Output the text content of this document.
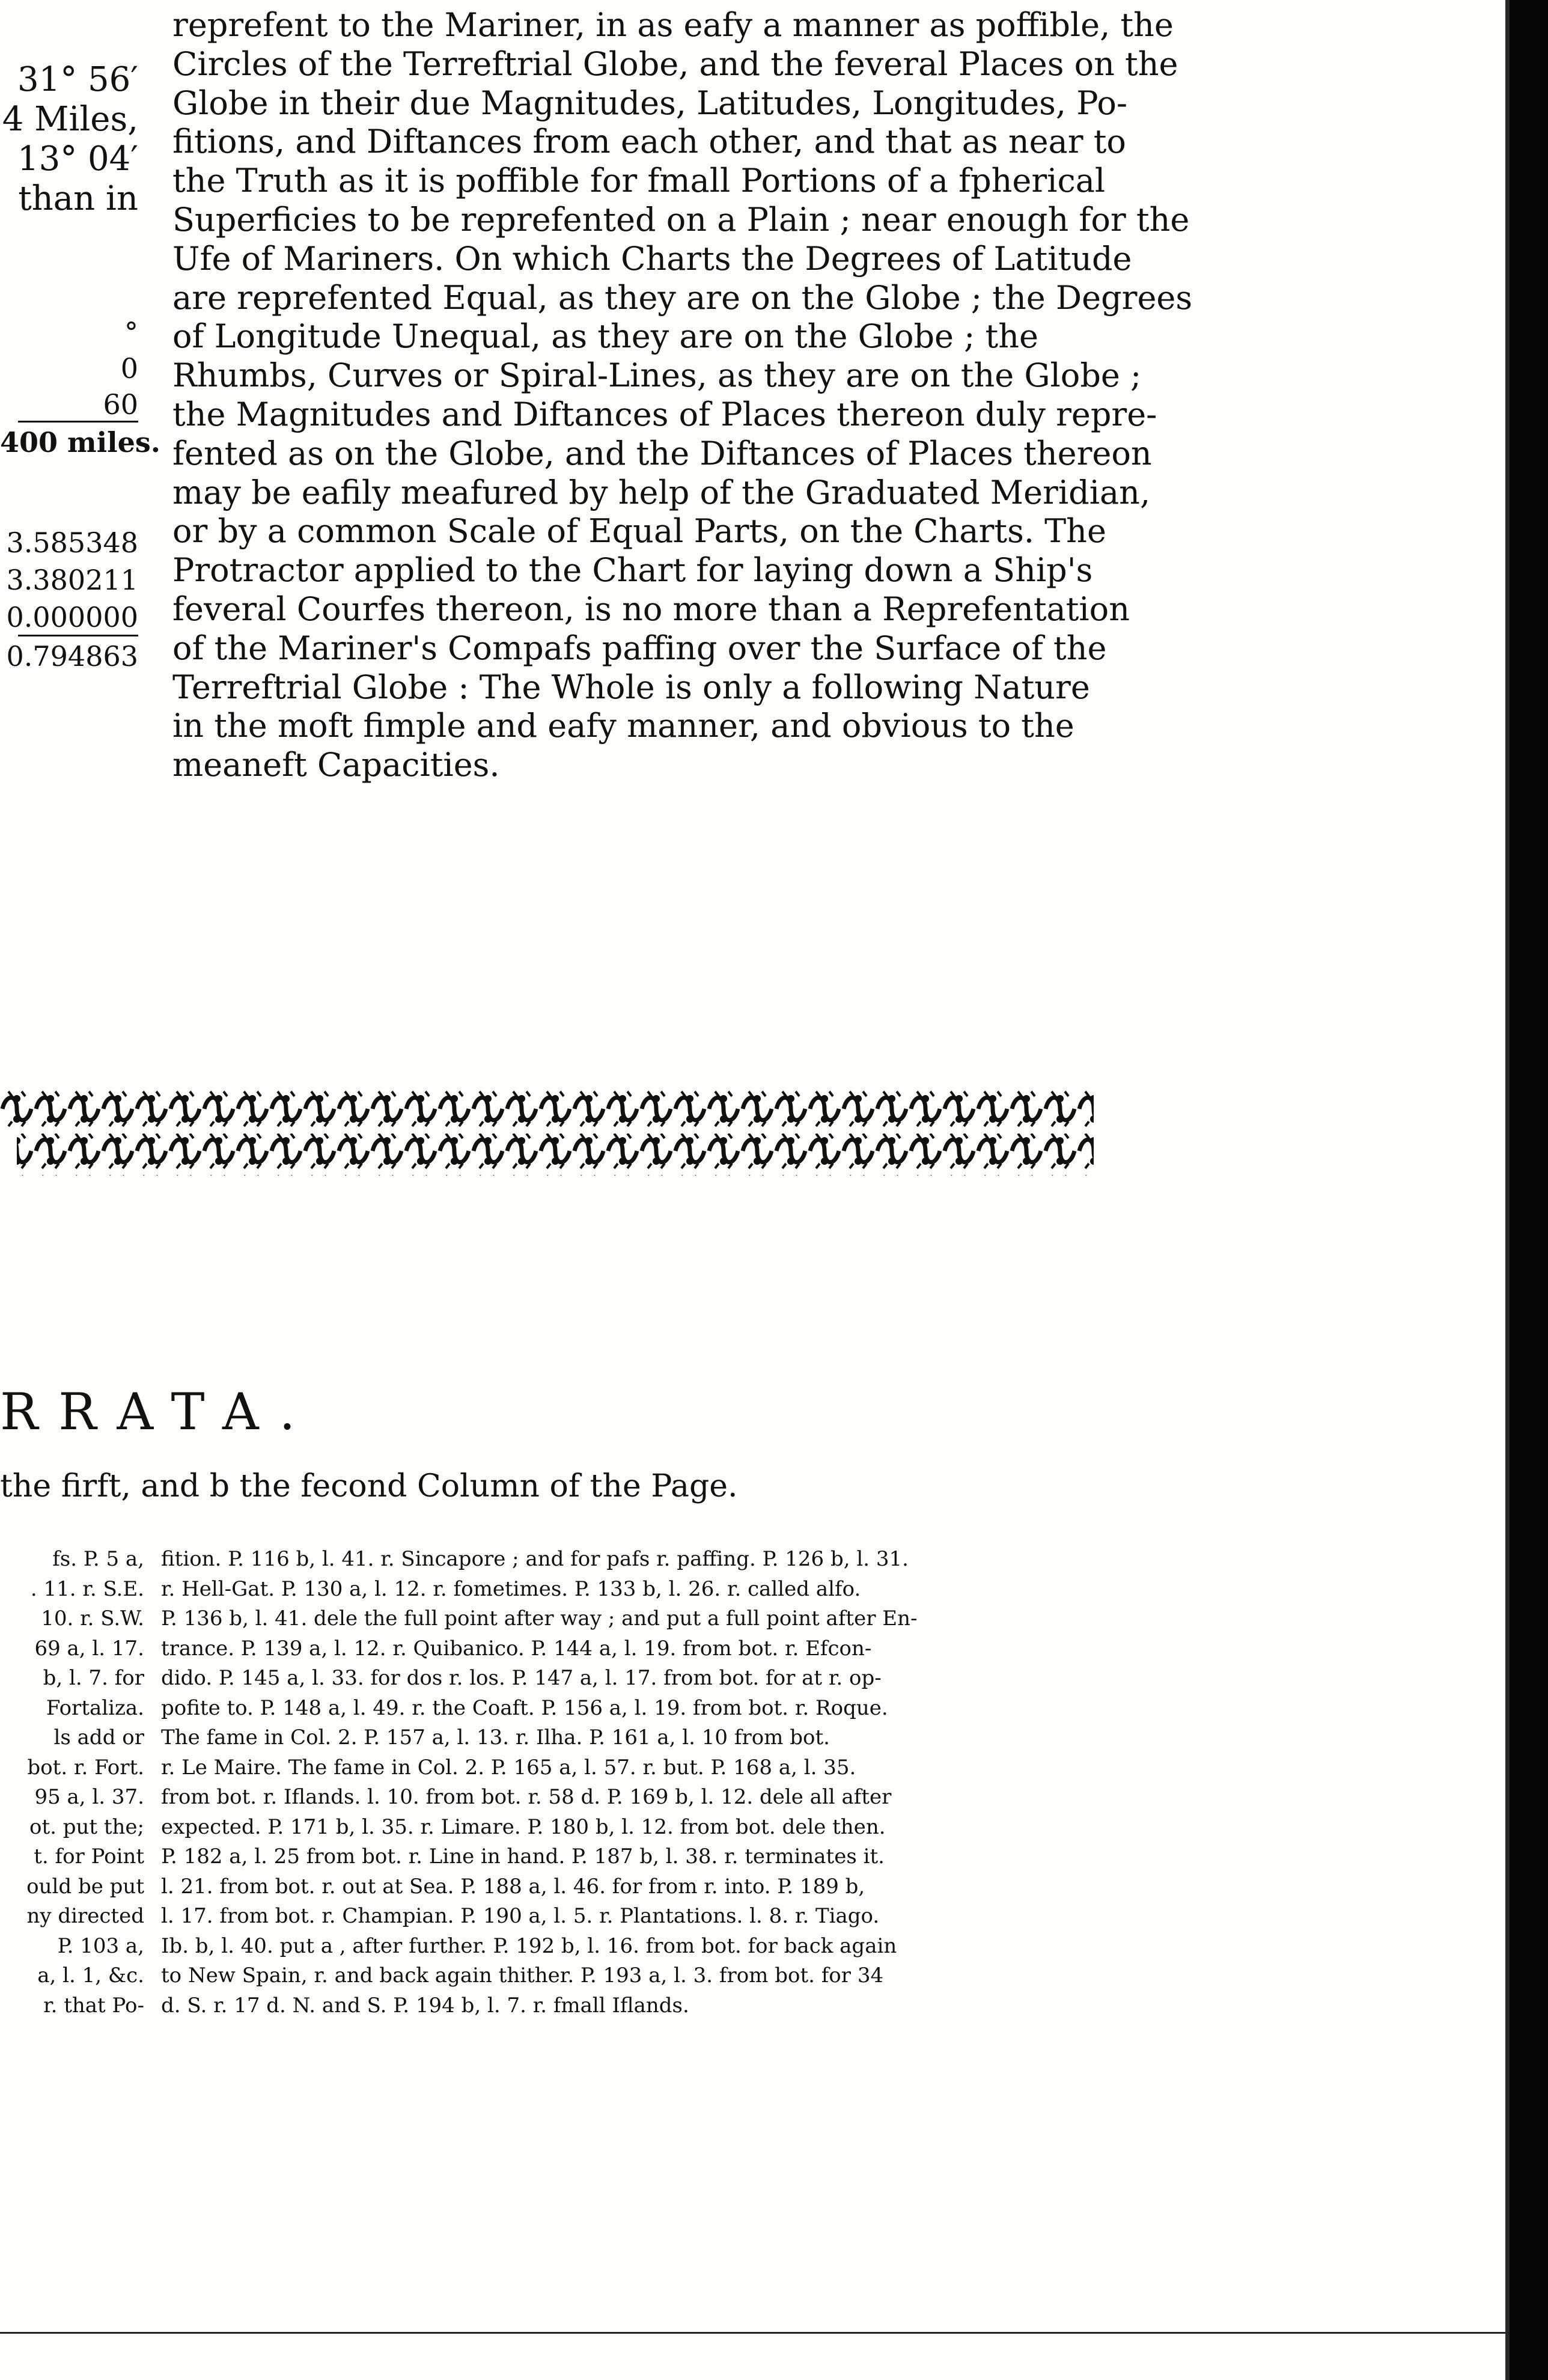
31° 56′
4 Miles,
13° 04′
than in
°
0
60
400 miles.
3.585348
3.380211
0.000000
0.794863
reprefent to the Mariner, in as eafy a manner as poffible, the
Circles of the Terreftrial Globe, and the feveral Places on the
Globe in their due Magnitudes, Latitudes, Longitudes, Po-
fitions, and Diftances from each other, and that as near to
the Truth as it is poffible for fmall Portions of a fpherical
Superficies to be reprefented on a Plain ; near enough for the
Ufe of Mariners. On which Charts the Degrees of Latitude
are reprefented Equal, as they are on the Globe ; the Degrees
of Longitude Unequal, as they are on the Globe ; the
Rhumbs, Curves or Spiral-Lines, as they are on the Globe ;
the Magnitudes and Diftances of Places thereon duly repre-
fented as on the Globe, and the Diftances of Places thereon
may be eafily meafured by help of the Graduated Meridian,
or by a common Scale of Equal Parts, on the Charts. The
Protractor applied to the Chart for laying down a Ship's
feveral Courfes thereon, is no more than a Reprefentation
of the Mariner's Compafs paffing over the Surface of the
Terreftrial Globe : The Whole is only a following Nature
in the moft fimple and eafy manner, and obvious to the
meaneft Capacities.
RRATA.
the firft, and b the fecond Column of the Page.
fs. P. 5 a,
. 11. r. S.E.
10. r. S.W.
69 a, l. 17.
b, l. 7. for
Fortaliza.
ls add or
bot. r. Fort.
95 a, l. 37.
ot. put the;
t. for Point
ould be put
ny directed
P. 103 a,
a, l. 1, &c.
r. that Po-
fition. P. 116 b, l. 41. r. Sincapore ; and for pafs r. paffing. P. 126 b, l. 31.
r. Hell-Gat. P. 130 a, l. 12. r. fometimes. P. 133 b, l. 26. r. called alfo.
P. 136 b, l. 41. dele the full point after way ; and put a full point after En-
trance. P. 139 a, l. 12. r. Quibanico. P. 144 a, l. 19. from bot. r. Efcon-
dido. P. 145 a, l. 33. for dos r. los. P. 147 a, l. 17. from bot. for at r. op-
pofite to. P. 148 a, l. 49. r. the Coaft. P. 156 a, l. 19. from bot. r. Roque.
The fame in Col. 2. P. 157 a, l. 13. r. Ilha. P. 161 a, l. 10 from bot.
r. Le Maire. The fame in Col. 2. P. 165 a, l. 57. r. but. P. 168 a, l. 35.
from bot. r. Iflands. l. 10. from bot. r. 58 d. P. 169 b, l. 12. dele all after
expected. P. 171 b, l. 35. r. Limare. P. 180 b, l. 12. from bot. dele then.
P. 182 a, l. 25 from bot. r. Line in hand. P. 187 b, l. 38. r. terminates it.
l. 21. from bot. r. out at Sea. P. 188 a, l. 46. for from r. into. P. 189 b,
l. 17. from bot. r. Champian. P. 190 a, l. 5. r. Plantations. l. 8. r. Tiago.
Ib. b, l. 40. put a , after further. P. 192 b, l. 16. from bot. for back again
to New Spain, r. and back again thither. P. 193 a, l. 3. from bot. for 34
d. S. r. 17 d. N. and S. P. 194 b, l. 7. r. fmall Iflands.
